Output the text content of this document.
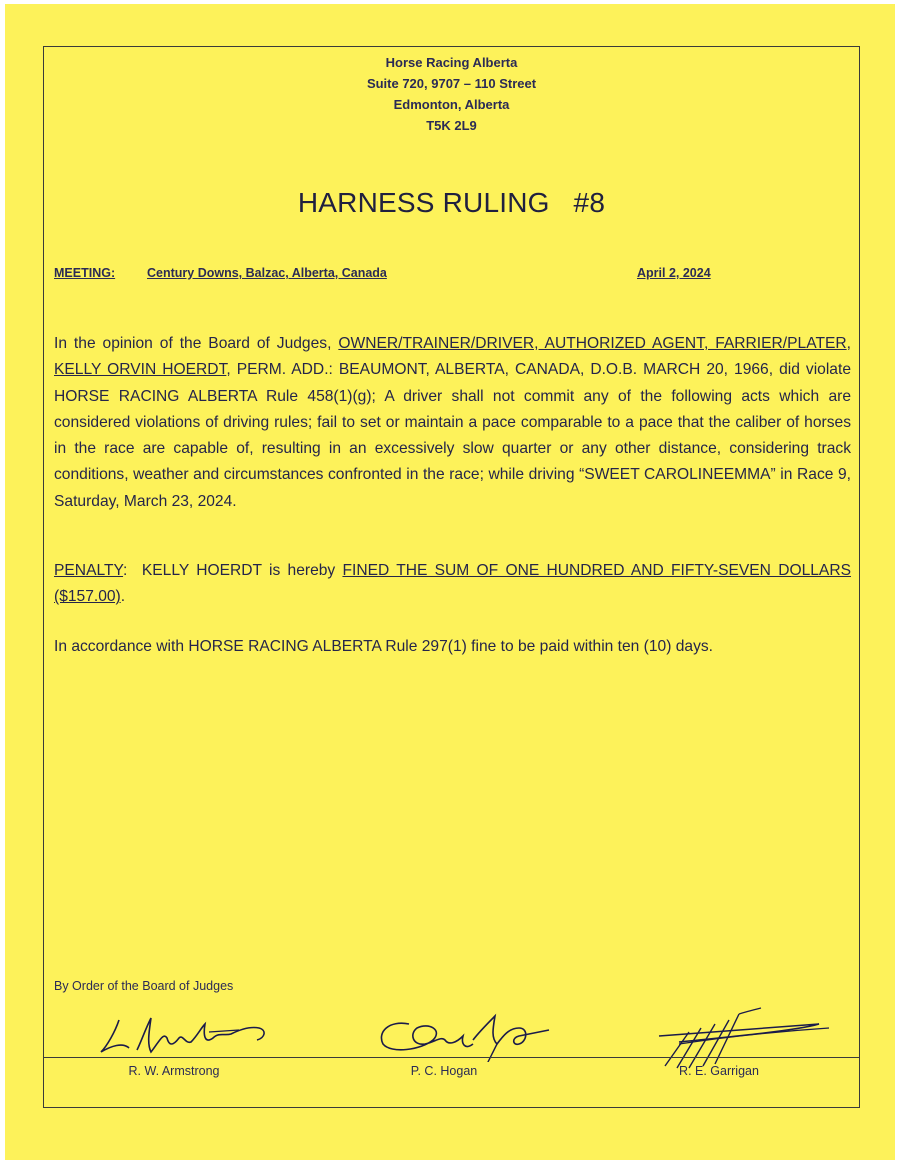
Horse Racing Alberta
Suite 720, 9707 – 110 Street
Edmonton, Alberta
T5K 2L9
HARNESS RULING   #8
MEETING:	Century Downs, Balzac, Alberta, Canada	April 2, 2024
In the opinion of the Board of Judges, OWNER/TRAINER/DRIVER, AUTHORIZED AGENT, FARRIER/PLATER, KELLY ORVIN HOERDT, PERM. ADD.: BEAUMONT, ALBERTA, CANADA, D.O.B. MARCH 20, 1966, did violate HORSE RACING ALBERTA Rule 458(1)(g); A driver shall not commit any of the following acts which are considered violations of driving rules; fail to set or maintain a pace comparable to a pace that the caliber of horses in the race are capable of, resulting in an excessively slow quarter or any other distance, considering track conditions, weather and circumstances confronted in the race; while driving “SWEET CAROLINEEMMA” in Race 9, Saturday, March 23, 2024.
PENALTY:  KELLY HOERDT is hereby FINED THE SUM OF ONE HUNDRED AND FIFTY-SEVEN DOLLARS ($157.00).
In accordance with HORSE RACING ALBERTA Rule 297(1) fine to be paid within ten (10) days.
By Order of the Board of Judges
R. W. Armstrong	P. C. Hogan	R. E. Garrigan
